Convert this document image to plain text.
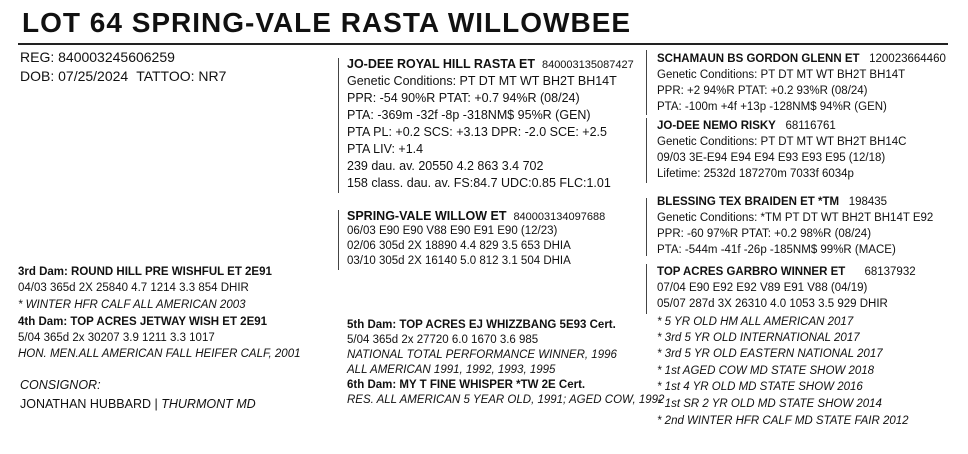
LOT 64 SPRING-VALE RASTA WILLOWBEE
REG: 840003245606259
DOB: 07/25/2024 TATTOO: NR7
JO-DEE ROYAL HILL RASTA ET 840003135087427
Genetic Conditions: PT DT MT WT BH2T BH14T
PPR: -54 90%R PTAT: +0.7 94%R (08/24)
PTA: -369m -32f -8p -318NM$ 95%R (GEN)
PTA PL: +0.2 SCS: +3.13 DPR: -2.0 SCE: +2.5
PTA LIV: +1.4
239 dau. av. 20550 4.2 863 3.4 702
158 class. dau. av. FS:84.7 UDC:0.85 FLC:1.01
SPRING-VALE WILLOW ET 840003134097688
06/03 E90 E90 V88 E90 E91 E90 (12/23)
02/06 305d 2X 18890 4.4 829 3.5 653 DHIA
03/10 305d 2X 16140 5.0 812 3.1 504 DHIA
SCHAMAUN BS GORDON GLENN ET 120023664460
Genetic Conditions: PT DT MT WT BH2T BH14T
PPR: +2 94%R PTAT: +0.2 93%R (08/24)
PTA: -100m +4f +13p -128NM$ 94%R (GEN)
JO-DEE NEMO RISKY 68116761
Genetic Conditions: PT DT MT WT BH2T BH14C
09/03 3E-E94 E94 E94 E93 E93 E95 (12/18)
Lifetime: 2532d 187270m 7033f 6034p
BLESSING TEX BRAIDEN ET *TM 198435
Genetic Conditions: *TM PT DT WT BH2T BH14T E92
PPR: -60 97%R PTAT: +0.2 98%R (08/24)
PTA: -544m -41f -26p -185NM$ 99%R (MACE)
TOP ACRES GARBRO WINNER ET 68137932
07/04 E90 E92 E92 V89 E91 V88 (04/19)
05/07 287d 3X 26310 4.0 1053 3.5 929 DHIR
* 5 YR OLD HM ALL AMERICAN 2017
* 3rd 5 YR OLD INTERNATIONAL 2017
* 3rd 5 YR OLD EASTERN NATIONAL 2017
* 1st AGED COW MD STATE SHOW 2018
* 1st 4 YR OLD MD STATE SHOW 2016
* 1st SR 2 YR OLD MD STATE SHOW 2014
* 2nd WINTER HFR CALF MD STATE FAIR 2012
3rd Dam: ROUND HILL PRE WISHFUL ET 2E91
04/03 365d 2X 25840 4.7 1214 3.3 854 DHIR
* WINTER HFR CALF ALL AMERICAN 2003
4th Dam: TOP ACRES JETWAY WISH ET 2E91
5/04 365d 2x 30207 3.9 1211 3.3 1017
HON. MEN.ALL AMERICAN FALL HEIFER CALF, 2001
CONSIGNOR:
JONATHAN HUBBARD | THURMONT MD
5th Dam: TOP ACRES EJ WHIZZBANG 5E93 Cert.
5/04 365d 2x 27720 6.0 1670 3.6 985
NATIONAL TOTAL PERFORMANCE WINNER, 1996
ALL AMERICAN 1991, 1992, 1993, 1995
6th Dam: MY T FINE WHISPER *TW 2E Cert.
RES. ALL AMERICAN 5 YEAR OLD, 1991; AGED COW, 1992
